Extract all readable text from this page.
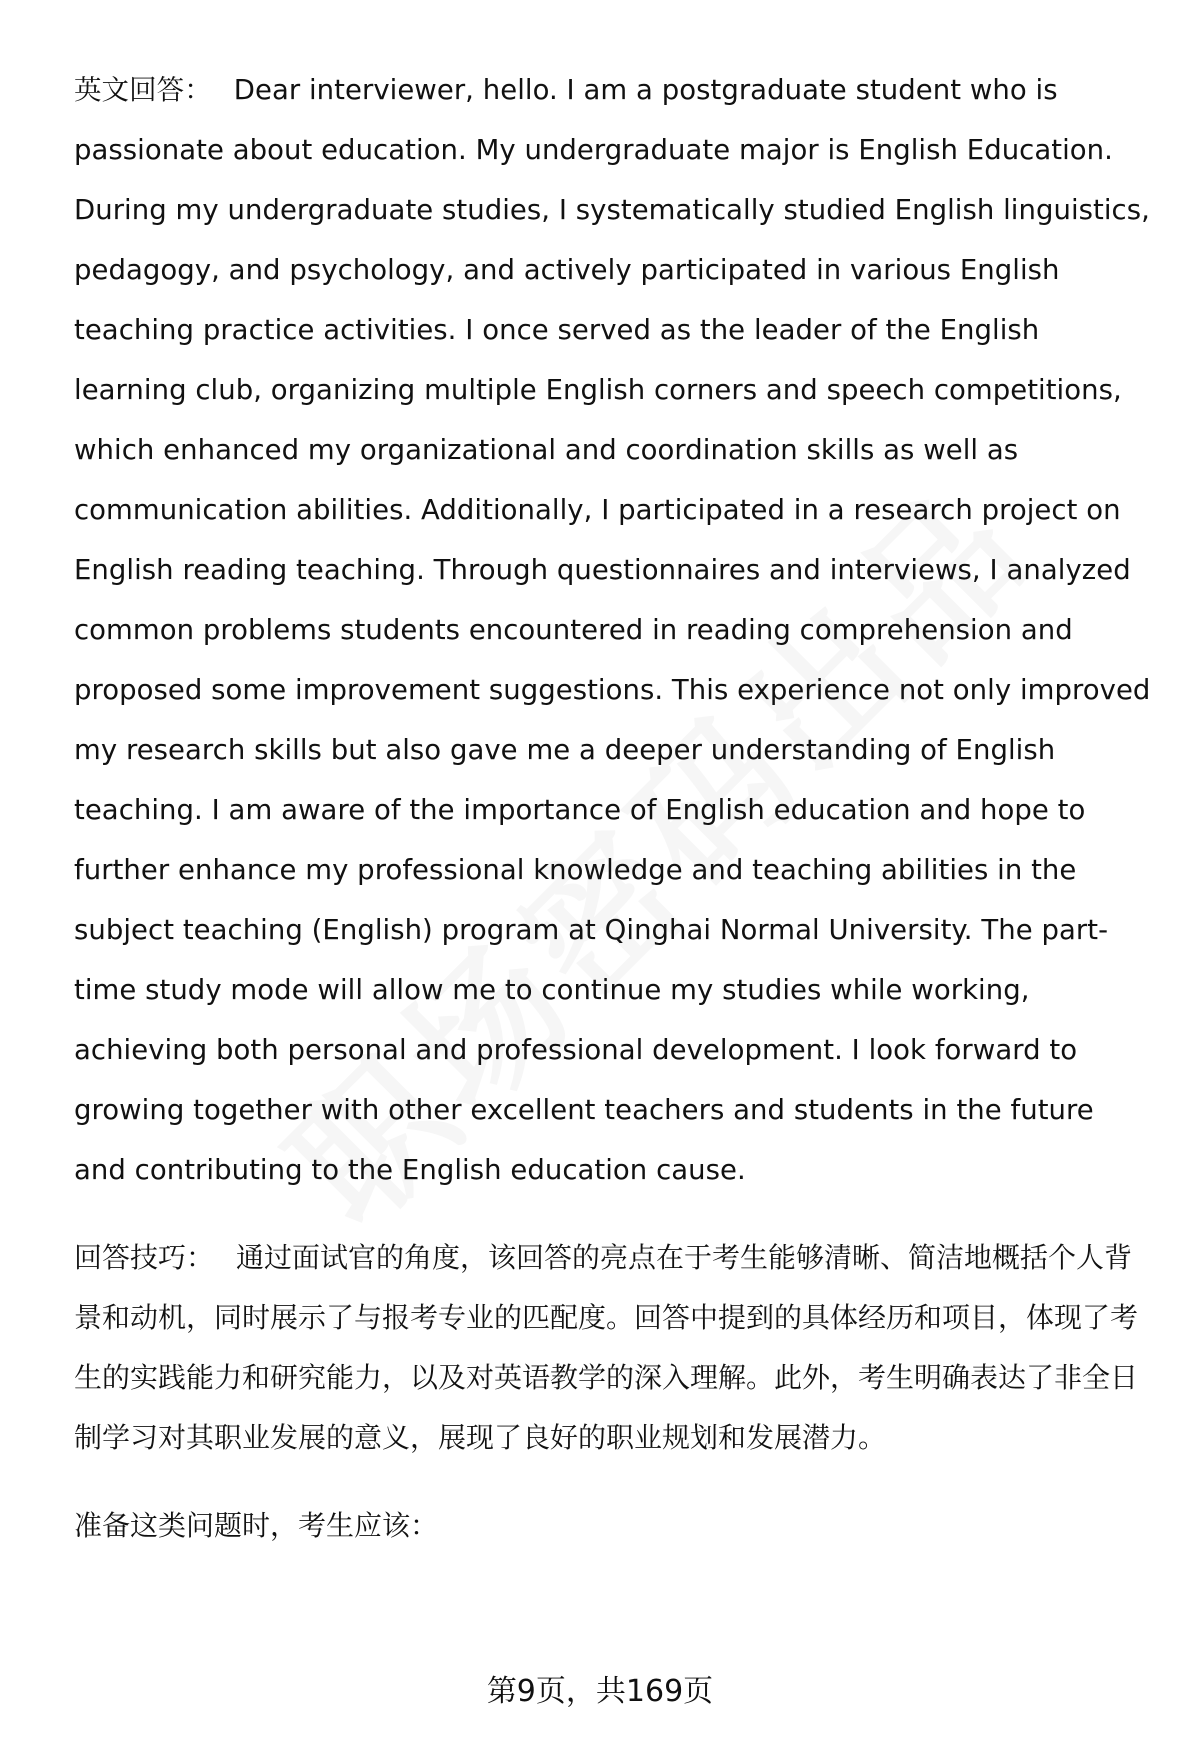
英文回答： Dear interviewer, hello. I am a postgraduate student who is passionate about education. My undergraduate major is English Education. During my undergraduate studies, I systematically studied English linguistics, pedagogy, and psychology, and actively participated in various English teaching practice activities. I once served as the leader of the English learning club, organizing multiple English corners and speech competitions, which enhanced my organizational and coordination skills as well as communication abilities. Additionally, I participated in a research project on English reading teaching. Through questionnaires and interviews, I analyzed common problems students encountered in reading comprehension and proposed some improvement suggestions. This experience not only improved my research skills but also gave me a deeper understanding of English teaching. I am aware of the importance of English education and hope to further enhance my professional knowledge and teaching abilities in the subject teaching (English) program at Qinghai Normal University. The part-time study mode will allow me to continue my studies while working, achieving both personal and professional development. I look forward to growing together with other excellent teachers and students in the future and contributing to the English education cause.

回答技巧： 通过面试官的角度，该回答的亮点在于考生能够清晰、简洁地概括个人背景和动机，同时展示了与报考专业的匹配度。回答中提到的具体经历和项目，体现了考生的实践能力和研究能力，以及对英语教学的深入理解。此外，考生明确表达了非全日制学习对其职业发展的意义，展现了良好的职业规划和发展潜力。

准备这类问题时，考生应该：

第9页，共169页
